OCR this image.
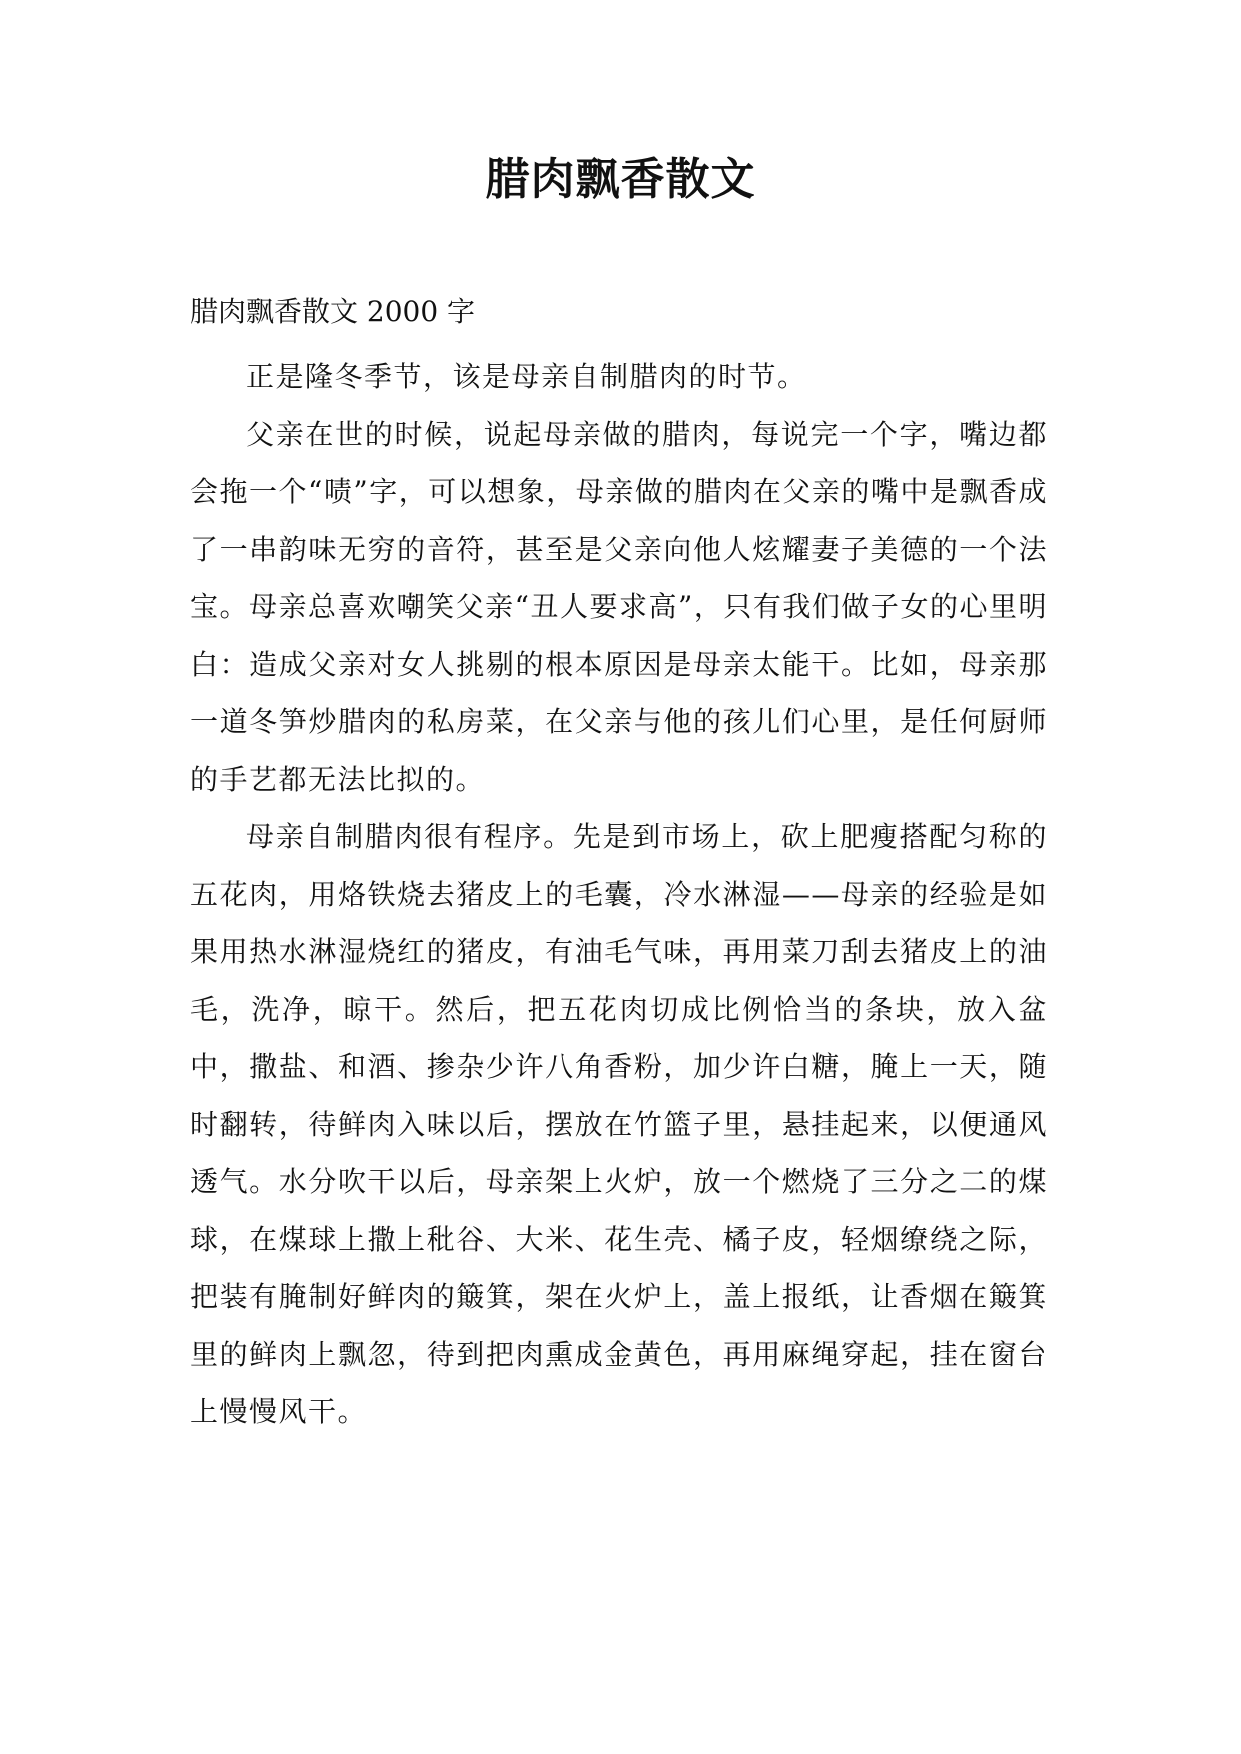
腊肉飘香散文

腊肉飘香散文 2000 字

正是隆冬季节，该是母亲自制腊肉的时节。

父亲在世的时候，说起母亲做的腊肉，每说完一个字，嘴边都会拖一个“啧”字，可以想象，母亲做的腊肉在父亲的嘴中是飘香成了一串韵味无穷的音符，甚至是父亲向他人炫耀妻子美德的一个法宝。母亲总喜欢嘲笑父亲“丑人要求高”，只有我们做子女的心里明白：造成父亲对女人挑剔的根本原因是母亲太能干。比如，母亲那一道冬笋炒腊肉的私房菜，在父亲与他的孩儿们心里，是任何厨师的手艺都无法比拟的。

母亲自制腊肉很有程序。先是到市场上，砍上肥瘦搭配匀称的五花肉，用烙铁烧去猪皮上的毛囊，冷水淋湿——母亲的经验是如果用热水淋湿烧红的猪皮，有油毛气味，再用菜刀刮去猪皮上的油毛，洗净，晾干。然后，把五花肉切成比例恰当的条块，放入盆中，撒盐、和酒、掺杂少许八角香粉，加少许白糖，腌上一天，随时翻转，待鲜肉入味以后，摆放在竹篮子里，悬挂起来，以便通风透气。水分吹干以后，母亲架上火炉，放一个燃烧了三分之二的煤球，在煤球上撒上秕谷、大米、花生壳、橘子皮，轻烟缭绕之际，把装有腌制好鲜肉的簸箕，架在火炉上，盖上报纸，让香烟在簸箕里的鲜肉上飘忽，待到把肉熏成金黄色，再用麻绳穿起，挂在窗台上慢慢风干。
